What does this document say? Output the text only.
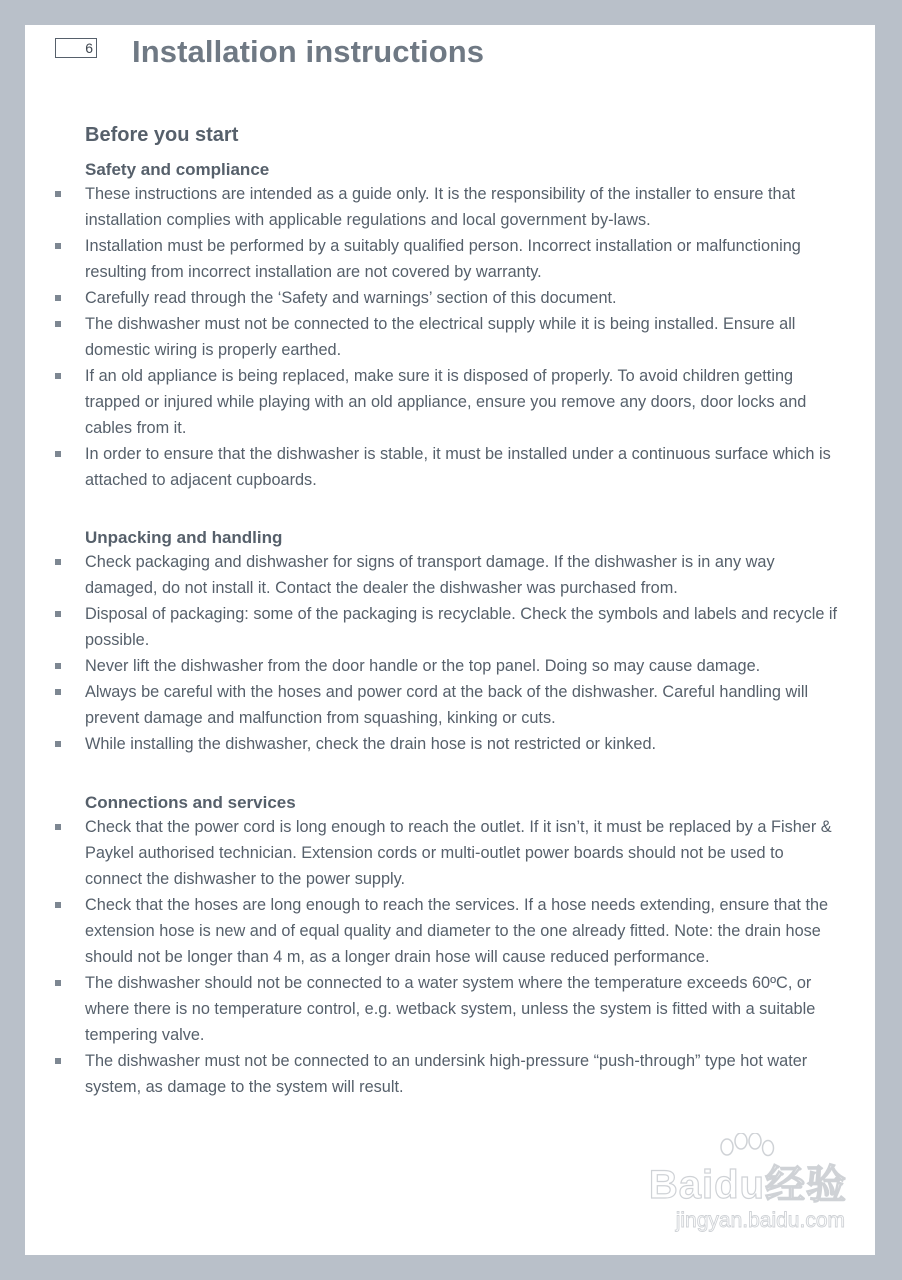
6 Installation instructions
Before you start
Safety and compliance
These instructions are intended as a guide only. It is the responsibility of the installer to ensure that installation complies with applicable regulations and local government by-laws.
Installation must be performed by a suitably qualified person. Incorrect installation or malfunctioning resulting from incorrect installation are not covered by warranty.
Carefully read through the ‘Safety and warnings’ section of this document.
The dishwasher must not be connected to the electrical supply while it is being installed. Ensure all domestic wiring is properly earthed.
If an old appliance is being replaced, make sure it is disposed of properly. To avoid children getting trapped or injured while playing with an old appliance, ensure you remove any doors, door locks and cables from it.
In order to ensure that the dishwasher is stable, it must be installed under a continuous surface which is attached to adjacent cupboards.
Unpacking and handling
Check packaging and dishwasher for signs of transport damage. If the dishwasher is in any way damaged, do not install it. Contact the dealer the dishwasher was purchased from.
Disposal of packaging: some of the packaging is recyclable. Check the symbols and labels and recycle if possible.
Never lift the dishwasher from the door handle or the top panel. Doing so may cause damage.
Always be careful with the hoses and power cord at the back of the dishwasher. Careful handling will prevent damage and malfunction from squashing, kinking or cuts.
While installing the dishwasher, check the drain hose is not restricted or kinked.
Connections and services
Check that the power cord is long enough to reach the outlet. If it isn’t, it must be replaced by a Fisher & Paykel authorised technician. Extension cords or multi-outlet power boards should not be used to connect the dishwasher to the power supply.
Check that the hoses are long enough to reach the services. If a hose needs extending, ensure that the extension hose is new and of equal quality and diameter to the one already fitted. Note: the drain hose should not be longer than 4 m, as a longer drain hose will cause reduced performance.
The dishwasher should not be connected to a water system where the temperature exceeds 60ºC, or where there is no temperature control, e.g. wetback system, unless the system is fitted with a suitable tempering valve.
The dishwasher must not be connected to an undersink high-pressure “push-through” type hot water system, as damage to the system will result.
Baidu经验
jingyan.baidu.com
